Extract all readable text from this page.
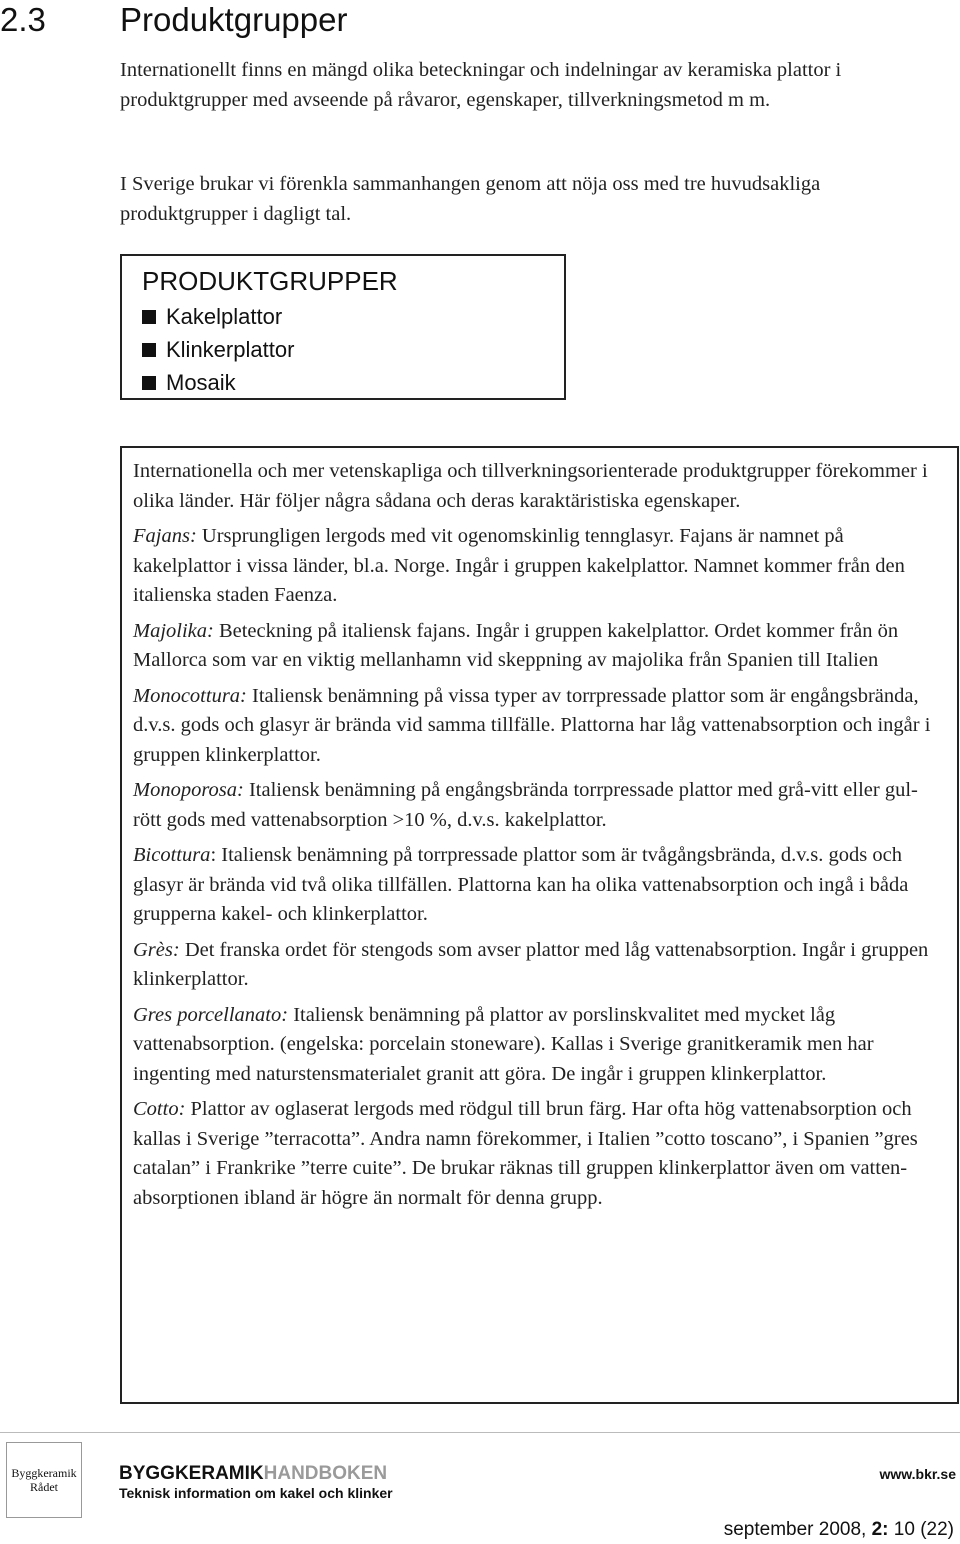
2.3	Produktgrupper

Internationellt finns en mängd olika beteckningar och indelningar av keramiska plattor i produktgrupper med avseende på råvaror, egenskaper, tillverkningsmetod m m.

I Sverige brukar vi förenkla sammanhangen genom att nöja oss med tre huvudsakliga produktgrupper i dagligt tal.

PRODUKTGRUPPER
Kakelplattor
Klinkerplattor
Mosaik

Internationella och mer vetenskapliga och tillverkningsorienterade produktgrupper förekommer i olika länder. Här följer några sådana och deras karaktäristiska egenskaper.

Fajans: Ursprungligen lergods med vit ogenomskinlig tennglasyr. Fajans är namnet på kakelplattor i vissa länder, bl.a. Norge. Ingår i gruppen kakelplattor. Namnet kommer från den italienska staden Faenza.

Majolika: Beteckning på italiensk fajans. Ingår i gruppen kakelplattor. Ordet kommer från ön Mallorca som var en viktig mellanhamn vid skeppning av majolika från Spanien till Italien

Monocottura: Italiensk benämning på vissa typer av torrpressade plattor som är engångsbrända, d.v.s. gods och glasyr är brända vid samma tillfälle. Plattorna har låg vattenabsorption och ingår i gruppen klinkerplattor.

Monoporosa: Italiensk benämning på engångsbrända torrpressade plattor med grå-vitt eller gul-rött gods med vattenabsorption >10 %, d.v.s. kakelplattor.

Bicottura: Italiensk benämning på torrpressade plattor som är tvågångsbrända, d.v.s. gods och glasyr är brända vid två olika tillfällen. Plattorna kan ha olika vattenabsorption och ingå i båda grupperna kakel- och klinkerplattor.

Grès: Det franska ordet för stengods som avser plattor med låg vattenabsorption. Ingår i gruppen klinkerplattor.

Gres porcellanato: Italiensk benämning på plattor av porslinskvalitet med mycket låg vattenabsorption. (engelska: porcelain stoneware). Kallas i Sverige granitkeramik men har ingenting med naturstensmaterialet granit att göra. De ingår i gruppen klinkerplattor.

Cotto: Plattor av oglaserat lergods med rödgul till brun färg. Har ofta hög vattenabsorption och kallas i Sverige ”terracotta”. Andra namn förekommer, i Italien ”cotto toscano”, i Spanien ”gres catalan” i Frankrike ”terre cuite”. De brukar räknas till gruppen klinkerplattor även om vattenabsorptionen ibland är högre än normalt för denna grupp.

Byggkeramik
Rådet
BYGGKERAMIKHANDBOKEN
Teknisk information om kakel och klinker
www.bkr.se
september 2008, 2: 10 (22)
